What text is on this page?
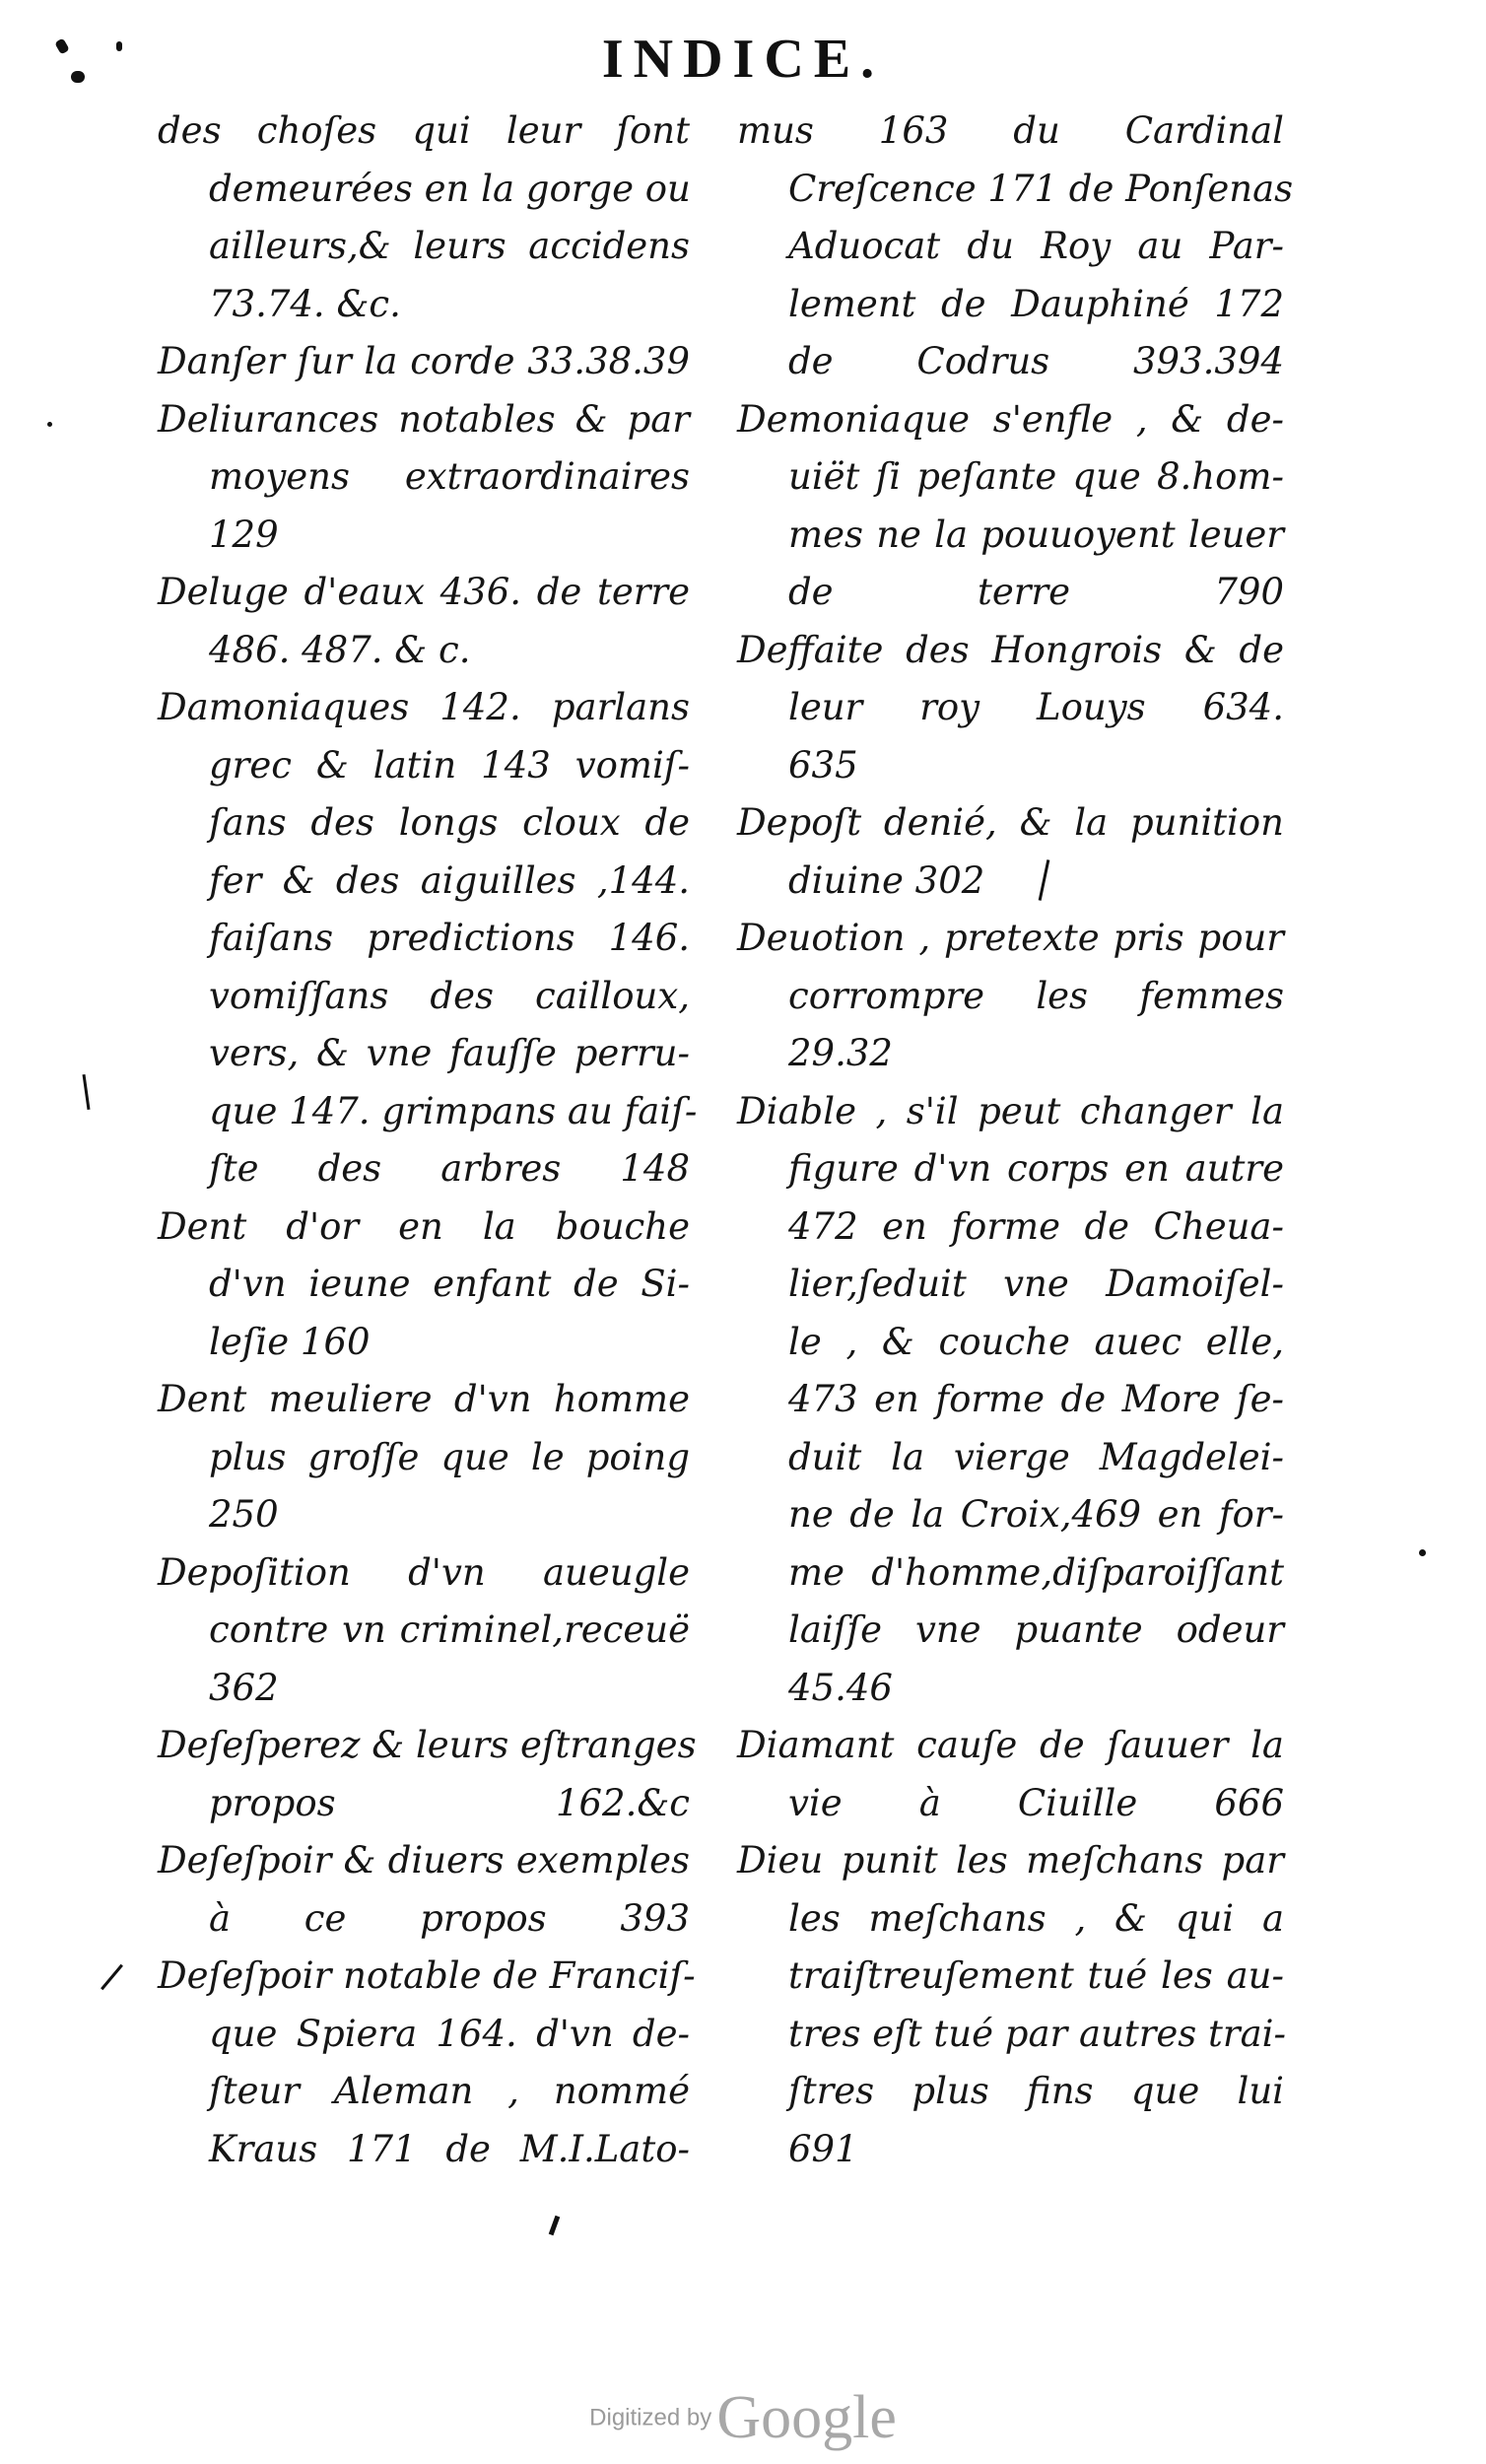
INDICE.
des choſes qui leur ſont
demeurées en la gorge ou
ailleurs,& leurs accidens
73.74. &c.
Danſer ſur la corde 33.38.39
Deliurances notables & par
moyens extraordinaires
129
Deluge d'eaux 436. de terre
486. 487. & c.
Damoniaques 142. parlans
grec & latin 143 vomiſ-
ſans des longs cloux de
fer & des aiguilles ,144.
faiſans predictions 146.
vomiſſans des cailloux,
vers, & vne fauſſe perru-
que 147. grimpans au faiſ-
ſte des arbres 148
Dent d'or en la bouche
d'vn ieune enfant de Si-
leſie 160
Dent meuliere d'vn homme
plus groſſe que le poing
250
Depoſition d'vn aueugle
contre vn criminel,receuë
362
Deſeſperez & leurs eſtranges
propos 162.&c
Deſeſpoir & diuers exemples
à ce propos 393
Deſeſpoir notable de Franciſ-
que Spiera 164. d'vn de-
ſteur Aleman , nommé
Kraus 171 de M.I.Lato-
mus 163 du Cardinal
Creſcence 171 de Ponſenas
Aduocat du Roy au Par-
lement de Dauphiné 172
de Codrus 393.394
Demoniaque s'enfle , & de-
uiët ſi peſante que 8.hom-
mes ne la pouuoyent leuer
de terre 790
Deffaite des Hongrois & de
leur roy Louys 634.
635
Depoſt denié, & la punition
diuine 302
Deuotion , pretexte pris pour
corrompre les femmes
29.32
Diable , s'il peut changer la
figure d'vn corps en autre
472 en forme de Cheua-
lier,ſeduit vne Damoiſel-
le , & couche auec elle,
473 en forme de More ſe-
duit la vierge Magdelei-
ne de la Croix,469 en for-
me d'homme,diſparoiſſant
laiſſe vne puante odeur
45.46
Diamant cauſe de ſauuer la
vie à Ciuille 666
Dieu punit les meſchans par
les meſchans , & qui a
traiſtreuſement tué les au-
tres eſt tué par autres trai-
ſtres plus fins que lui
691
Digitized by Google
